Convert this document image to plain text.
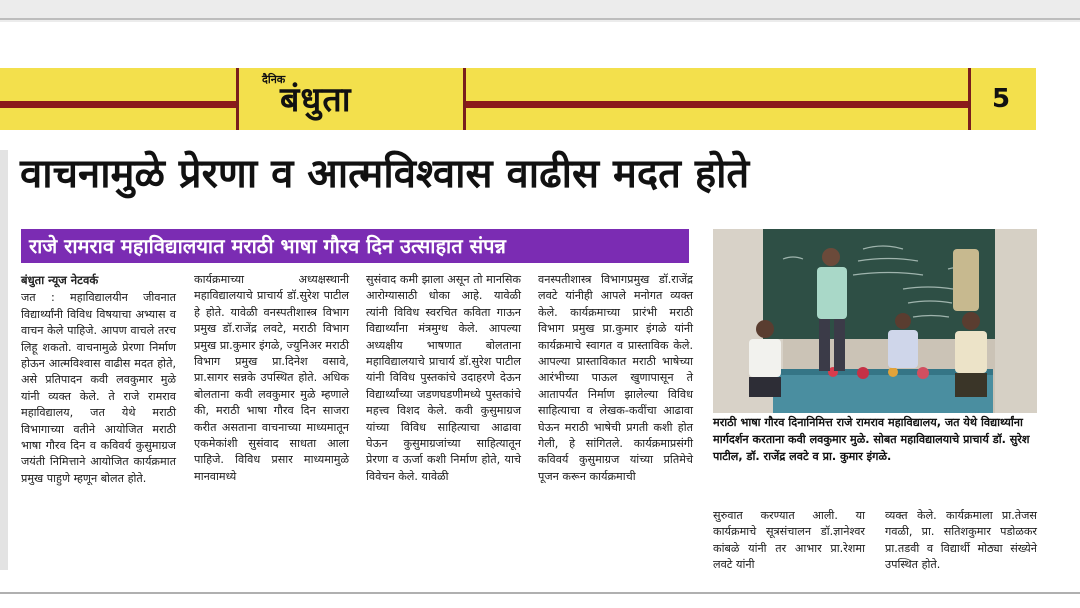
दैनिक
बंधुता	5
वाचनामुळे प्रेरणा व आत्मविश्वास वाढीस मदत होते
राजे रामराव महाविद्यालयात मराठी भाषा गौरव दिन उत्साहात संपन्न

बंधुता न्यूज नेटवर्क

जत : महाविद्यालयीन जीवनात विद्यार्थ्यांनी विविध विषयाचा अभ्यास व वाचन केले पाहिजे. आपण वाचले तरच लिहू शकतो. वाचनामुळे प्रेरणा निर्माण होऊन आत्मविश्वास वाढीस मदत होते, असे प्रतिपादन कवी लवकुमार मुळे यांनी व्यक्त केले. ते राजे रामराव महाविद्यालय, जत येथे मराठी विभागाच्या वतीने आयोजित मराठी भाषा गौरव दिन व कविवर्य कुसुमाग्रज जयंती निमित्ताने आयोजित कार्यक्रमात प्रमुख पाहुणे म्हणून बोलत होते.

कार्यक्रमाच्या अध्यक्षस्थानी महाविद्यालयाचे प्राचार्य डॉ.सुरेश पाटील हे होते. यावेळी वनस्पतीशास्त्र विभाग प्रमुख डॉ.राजेंद्र लवटे, मराठी विभाग प्रमुख प्रा.कुमार इंगळे, ज्युनिअर मराठी विभाग प्रमुख प्रा.दिनेश वसावे, प्रा.सागर सन्नके उपस्थित होते. अधिक बोलताना कवी लवकुमार मुळे म्हणाले की, मराठी भाषा गौरव दिन साजरा करीत असताना वाचनाच्या माध्यमातून एकमेकांशी सुसंवाद साधता आला पाहिजे. विविध प्रसार माध्यमामुळे मानवामध्ये

सुसंवाद कमी झाला असून तो मानसिक आरोग्यासाठी धोका आहे. यावेळी त्यांनी विविध स्वरचित कविता गाऊन विद्यार्थ्यांना मंत्रमुग्ध केले. आपल्या अध्यक्षीय भाषणात बोलताना महाविद्यालयाचे प्राचार्य डॉ.सुरेश पाटील यांनी विविध पुस्तकांचे उदाहरणे देऊन विद्यार्थ्यांच्या जडणघडणीमध्ये पुस्तकांचे महत्त्व विशद केले. कवी कुसुमाग्रज यांच्या विविध साहित्याचा आढावा घेऊन कुसुमाग्रजांच्या साहित्यातून प्रेरणा व ऊर्जा कशी निर्माण होते, याचे विवेचन केले. यावेळी

वनस्पतीशास्त्र विभागप्रमुख डॉ.राजेंद्र लवटे यांनीही आपले मनोगत व्यक्त केले. कार्यक्रमाच्या प्रारंभी मराठी विभाग प्रमुख प्रा.कुमार इंगळे यांनी कार्यक्रमाचे स्वागत व प्रास्ताविक केले. आपल्या प्रास्ताविकात मराठी भाषेच्या आरंभीच्या पाऊल खुणापासून ते आतापर्यंत निर्माण झालेल्या विविध साहित्याचा व लेखक-कवींचा आढावा घेऊन मराठी भाषेची प्रगती कशी होत गेली, हे सांगितले. कार्यक्रमाप्रसंगी कविवर्य कुसुमाग्रज यांच्या प्रतिमेचे पूजन करून कार्यक्रमाची

सुरुवात करण्यात आली. या कार्यक्रमाचे सूत्रसंचालन डॉ.ज्ञानेश्वर कांबळे यांनी तर आभार प्रा.रेशमा लवटे यांनी

व्यक्त केले. कार्यक्रमाला प्रा.तेजस गवळी, प्रा. सतिशकुमार पडोळकर प्रा.तडवी व विद्यार्थी मोठ्या संख्येने उपस्थित होते.

मराठी भाषा गौरव दिनानिमित्त राजे रामराव महाविद्यालय, जत येथे विद्यार्थ्यांना मार्गदर्शन करताना कवी लवकुमार मुळे. सोबत महाविद्यालयाचे प्राचार्य डॉ. सुरेश पाटील, डॉ. राजेंद्र लवटे व प्रा. कुमार इंगळे.
